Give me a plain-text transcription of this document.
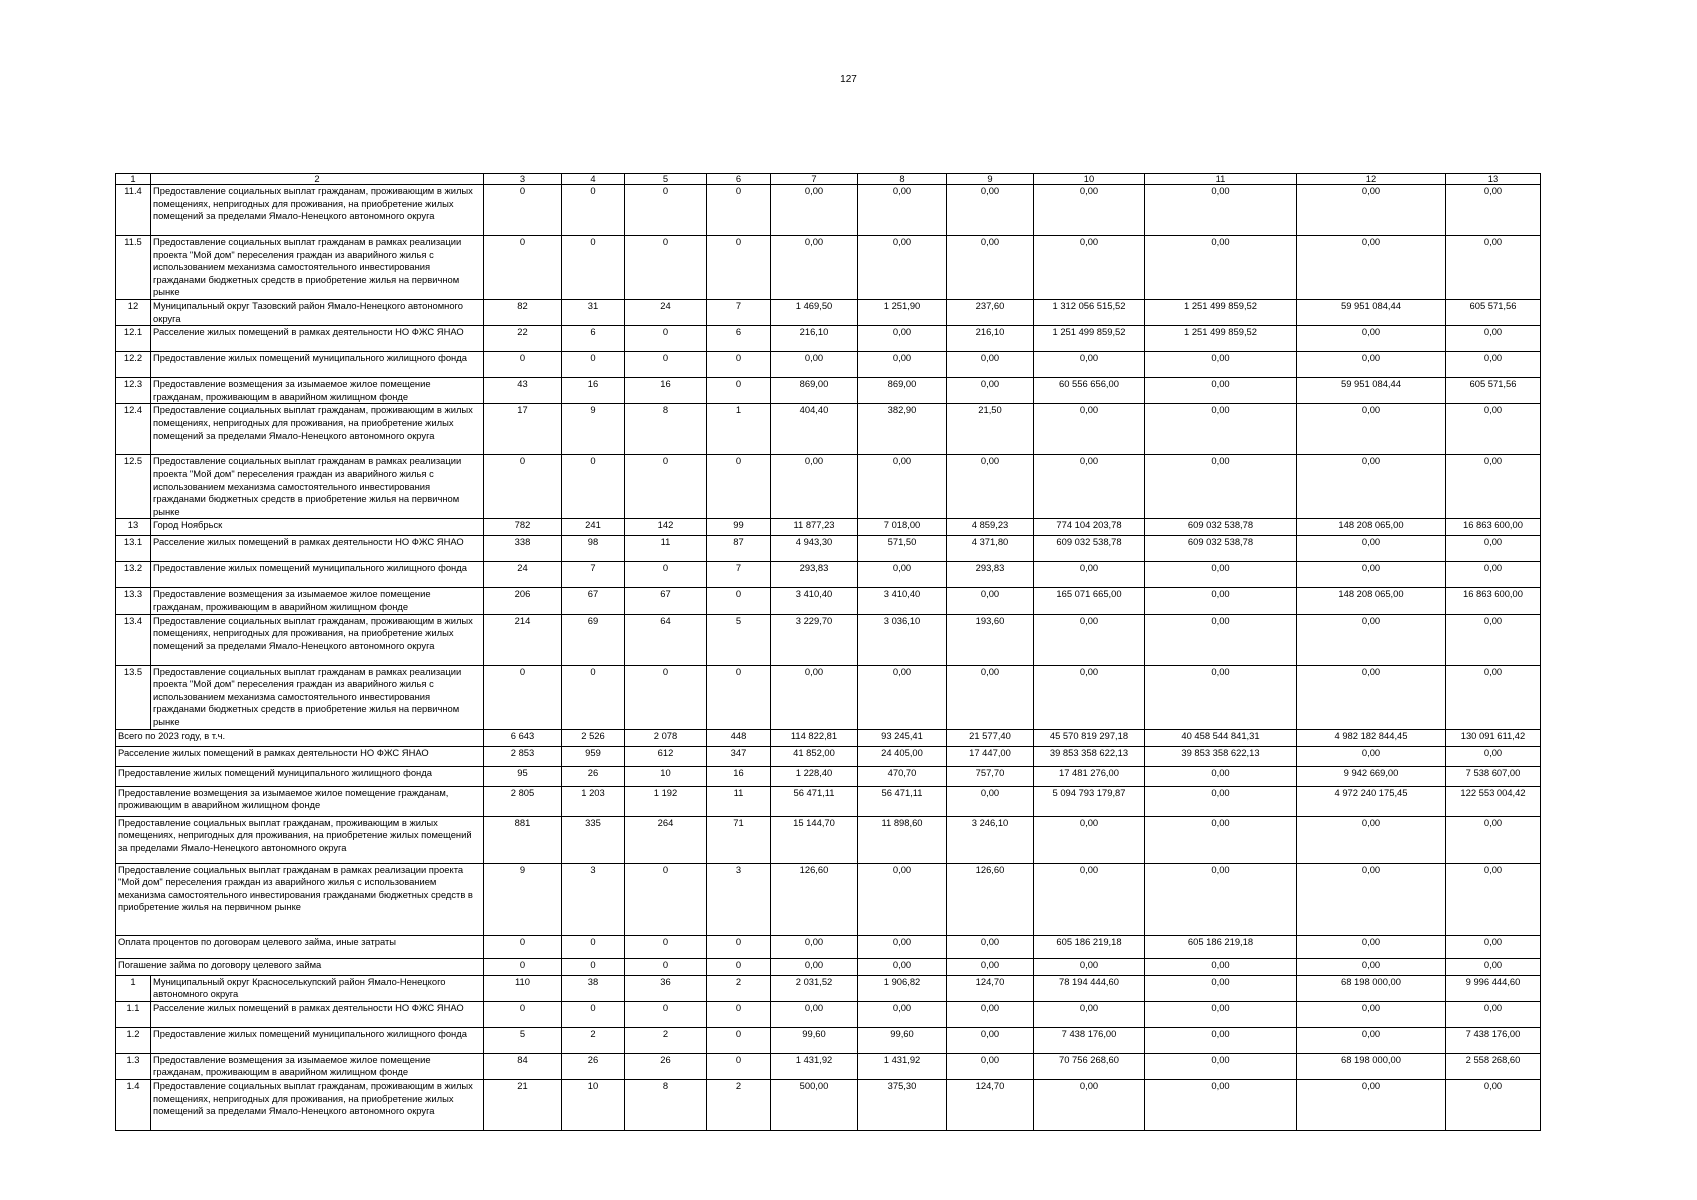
127
1	2	3	4	5	6	7	8	9	10	11	12	13
11.4	Предоставление социальных выплат гражданам, проживающим в жилых помещениях, непригодных для проживания, на приобретение жилых помещений за пределами Ямало-Ненецкого автономного округа	0	0	0	0	0,00	0,00	0,00	0,00	0,00	0,00	0,00
11.5	Предоставление социальных выплат гражданам в рамках реализации проекта "Мой дом" переселения граждан из аварийного жилья с использованием механизма самостоятельного инвестирования гражданами бюджетных средств в приобретение жилья на первичном рынке	0	0	0	0	0,00	0,00	0,00	0,00	0,00	0,00	0,00
12	Муниципальный округ Тазовский район Ямало-Ненецкого автономного округа	82	31	24	7	1 469,50	1 251,90	237,60	1 312 056 515,52	1 251 499 859,52	59 951 084,44	605 571,56
12.1	Расселение жилых помещений в рамках деятельности НО ФЖС ЯНАО	22	6	0	6	216,10	0,00	216,10	1 251 499 859,52	1 251 499 859,52	0,00	0,00
12.2	Предоставление жилых помещений муниципального жилищного фонда	0	0	0	0	0,00	0,00	0,00	0,00	0,00	0,00	0,00
12.3	Предоставление возмещения за изымаемое жилое помещение гражданам, проживающим в аварийном жилищном фонде	43	16	16	0	869,00	869,00	0,00	60 556 656,00	0,00	59 951 084,44	605 571,56
12.4	Предоставление социальных выплат гражданам, проживающим в жилых помещениях, непригодных для проживания, на приобретение жилых помещений за пределами Ямало-Ненецкого автономного округа	17	9	8	1	404,40	382,90	21,50	0,00	0,00	0,00	0,00
12.5	Предоставление социальных выплат гражданам в рамках реализации проекта "Мой дом" переселения граждан из аварийного жилья с использованием механизма самостоятельного инвестирования гражданами бюджетных средств в приобретение жилья на первичном рынке	0	0	0	0	0,00	0,00	0,00	0,00	0,00	0,00	0,00
13	Город Ноябрьск	782	241	142	99	11 877,23	7 018,00	4 859,23	774 104 203,78	609 032 538,78	148 208 065,00	16 863 600,00
13.1	Расселение жилых помещений в рамках деятельности НО ФЖС ЯНАО	338	98	11	87	4 943,30	571,50	4 371,80	609 032 538,78	609 032 538,78	0,00	0,00
13.2	Предоставление жилых помещений муниципального жилищного фонда	24	7	0	7	293,83	0,00	293,83	0,00	0,00	0,00	0,00
13.3	Предоставление возмещения за изымаемое жилое помещение гражданам, проживающим в аварийном жилищном фонде	206	67	67	0	3 410,40	3 410,40	0,00	165 071 665,00	0,00	148 208 065,00	16 863 600,00
13.4	Предоставление социальных выплат гражданам, проживающим в жилых помещениях, непригодных для проживания, на приобретение жилых помещений за пределами Ямало-Ненецкого автономного округа	214	69	64	5	3 229,70	3 036,10	193,60	0,00	0,00	0,00	0,00
13.5	Предоставление социальных выплат гражданам в рамках реализации проекта "Мой дом" переселения граждан из аварийного жилья с использованием механизма самостоятельного инвестирования гражданами бюджетных средств в приобретение жилья на первичном рынке	0	0	0	0	0,00	0,00	0,00	0,00	0,00	0,00	0,00
Всего по 2023 году, в т.ч.		6 643	2 526	2 078	448	114 822,81	93 245,41	21 577,40	45 570 819 297,18	40 458 544 841,31	4 982 182 844,45	130 091 611,42
Расселение жилых помещений в рамках деятельности НО ФЖС ЯНАО		2 853	959	612	347	41 852,00	24 405,00	17 447,00	39 853 358 622,13	39 853 358 622,13	0,00	0,00
Предоставление жилых помещений муниципального жилищного фонда		95	26	10	16	1 228,40	470,70	757,70	17 481 276,00	0,00	9 942 669,00	7 538 607,00
Предоставление возмещения за изымаемое жилое помещение гражданам, проживающим в аварийном жилищном фонде		2 805	1 203	1 192	11	56 471,11	56 471,11	0,00	5 094 793 179,87	0,00	4 972 240 175,45	122 553 004,42
Предоставление социальных выплат гражданам, проживающим в жилых помещениях, непригодных для проживания, на приобретение жилых помещений за пределами Ямало-Ненецкого автономного округа		881	335	264	71	15 144,70	11 898,60	3 246,10	0,00	0,00	0,00	0,00
Предоставление социальных выплат гражданам в рамках реализации проекта "Мой дом" переселения граждан из аварийного жилья с использованием механизма самостоятельного инвестирования гражданами бюджетных средств в приобретение жилья на первичном рынке		9	3	0	3	126,60	0,00	126,60	0,00	0,00	0,00	0,00
Оплата процентов по договорам целевого займа, иные затраты		0	0	0	0	0,00	0,00	0,00	605 186 219,18	605 186 219,18	0,00	0,00
Погашение займа по договору целевого займа		0	0	0	0	0,00	0,00	0,00	0,00	0,00	0,00	0,00
1	Муниципальный округ Красноселькупский район Ямало-Ненецкого автономного округа	110	38	36	2	2 031,52	1 906,82	124,70	78 194 444,60	0,00	68 198 000,00	9 996 444,60
1.1	Расселение жилых помещений в рамках деятельности НО ФЖС ЯНАО	0	0	0	0	0,00	0,00	0,00	0,00	0,00	0,00	0,00
1.2	Предоставление жилых помещений муниципального жилищного фонда	5	2	2	0	99,60	99,60	0,00	7 438 176,00	0,00	0,00	7 438 176,00
1.3	Предоставление возмещения за изымаемое жилое помещение гражданам, проживающим в аварийном жилищном фонде	84	26	26	0	1 431,92	1 431,92	0,00	70 756 268,60	0,00	68 198 000,00	2 558 268,60
1.4	Предоставление социальных выплат гражданам, проживающим в жилых помещениях, непригодных для проживания, на приобретение жилых помещений за пределами Ямало-Ненецкого автономного округа	21	10	8	2	500,00	375,30	124,70	0,00	0,00	0,00	0,00
